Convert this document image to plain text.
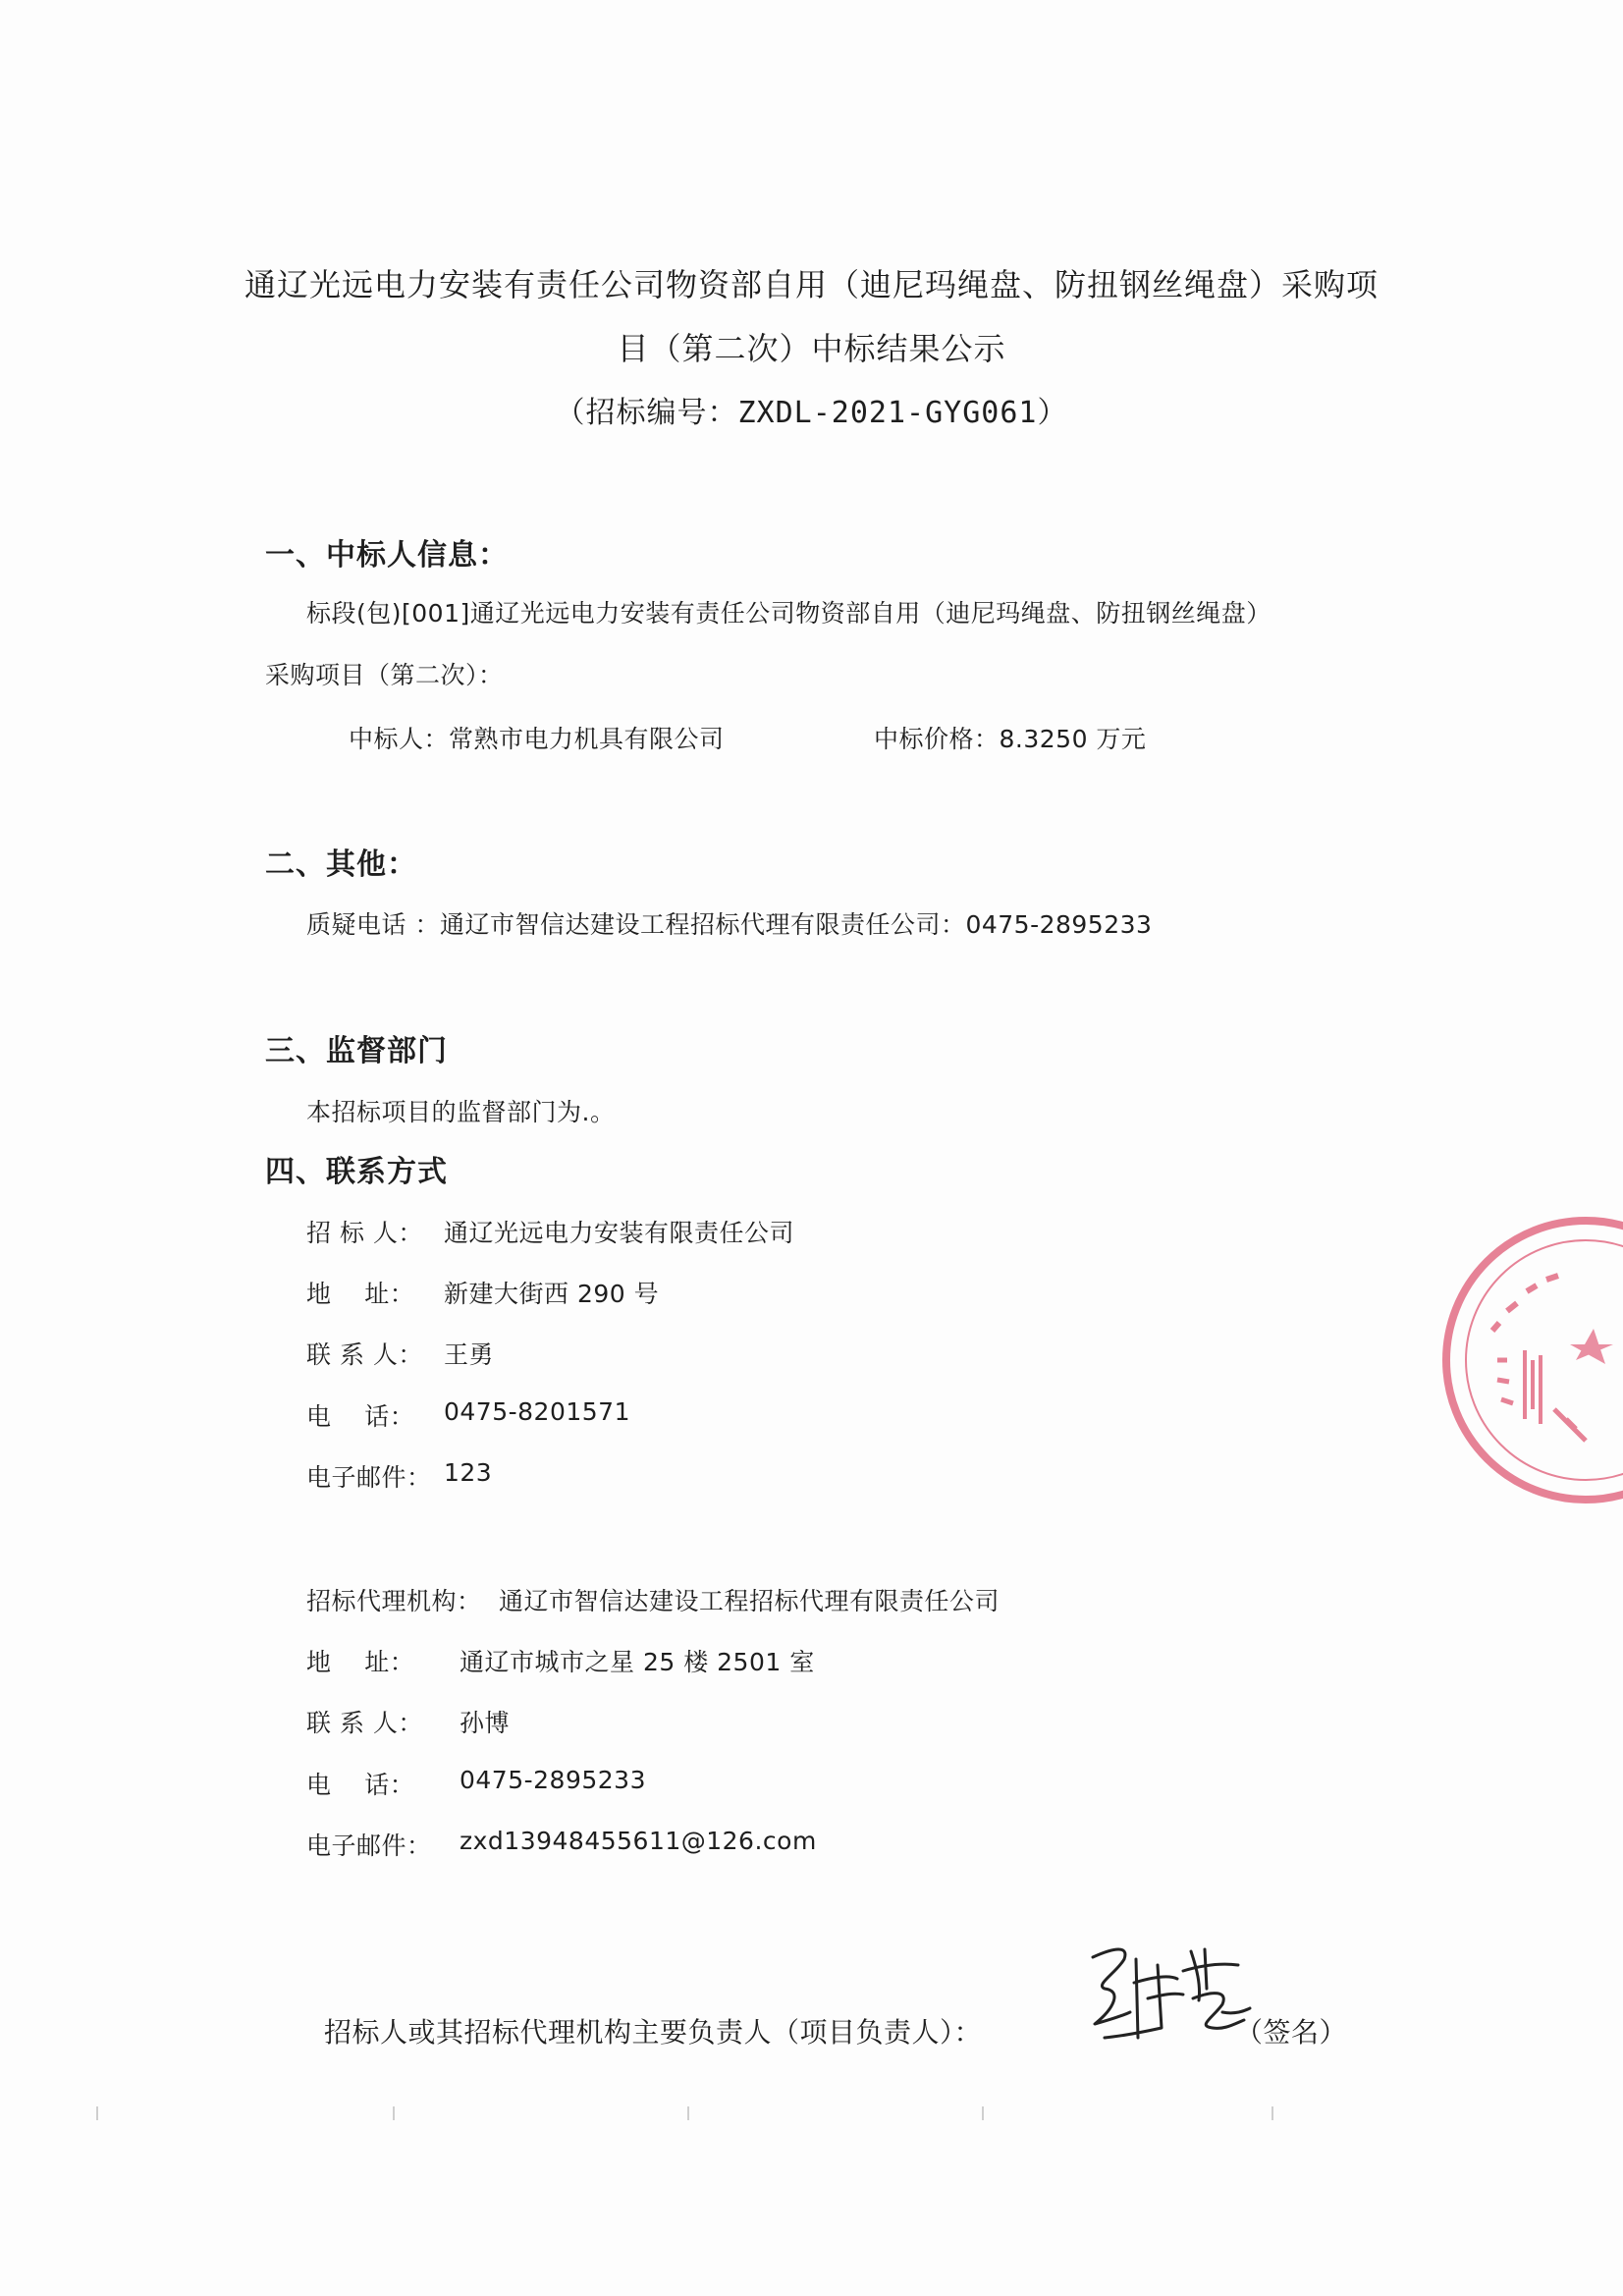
通辽光远电力安装有责任公司物资部自用（迪尼玛绳盘、防扭钢丝绳盘）采购项
目（第二次）中标结果公示
（招标编号：ZXDL-2021-GYG061）
一、中标人信息：
标段(包)[001]通辽光远电力安装有责任公司物资部自用（迪尼玛绳盘、防扭钢丝绳盘）
采购项目（第二次）：
中标人：常熟市电力机具有限公司	中标价格：8.3250 万元
二、其他：
质疑电话 ：通辽市智信达建设工程招标代理有限责任公司：0475-2895233
三、监督部门
本招标项目的监督部门为.。
四、联系方式
招 标 人： 通辽光远电力安装有限责任公司
地    址： 新建大街西 290 号
联 系 人： 王勇
电    话： 0475-8201571
电子邮件： 123
招标代理机构： 通辽市智信达建设工程招标代理有限责任公司
地    址： 通辽市城市之星 25 楼 2501 室
联 系 人： 孙博
电    话： 0475-2895233
电子邮件： zxd13948455611@126.com
招标人或其招标代理机构主要负责人（项目负责人）：	（签名）
